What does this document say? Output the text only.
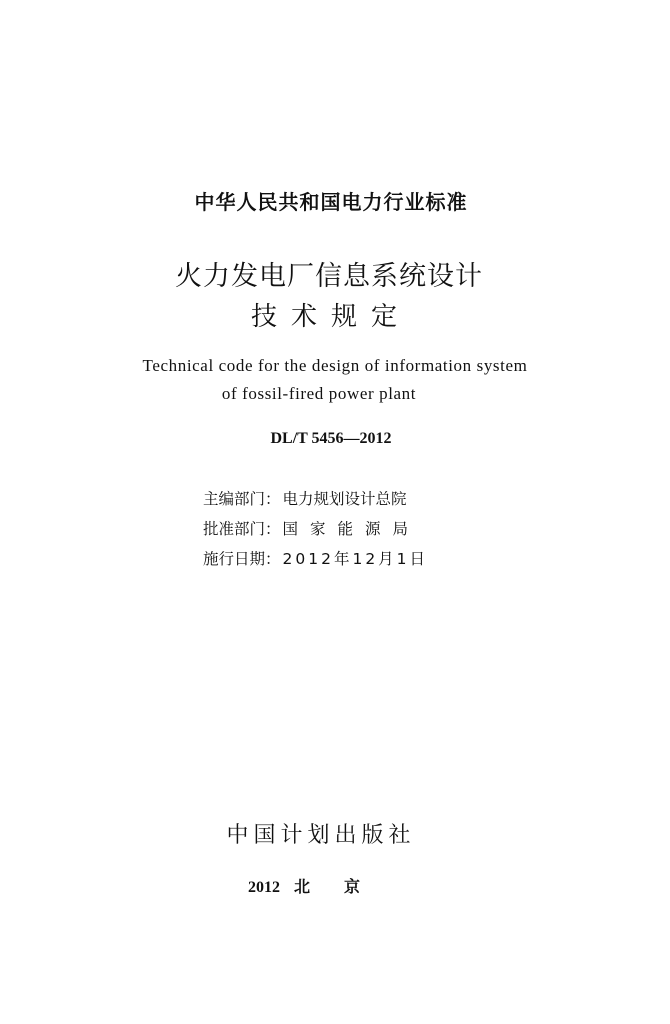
中华人民共和国电力行业标准
火力发电厂信息系统设计
技术规定
Technical code for the design of information system
of fossil-fired power plant
DL/T 5456—2012
主编部门： 电力规划设计总院
批准部门： 国家能源局
施行日期： 2012年12月1日
中国计划出版社
2012 北京
